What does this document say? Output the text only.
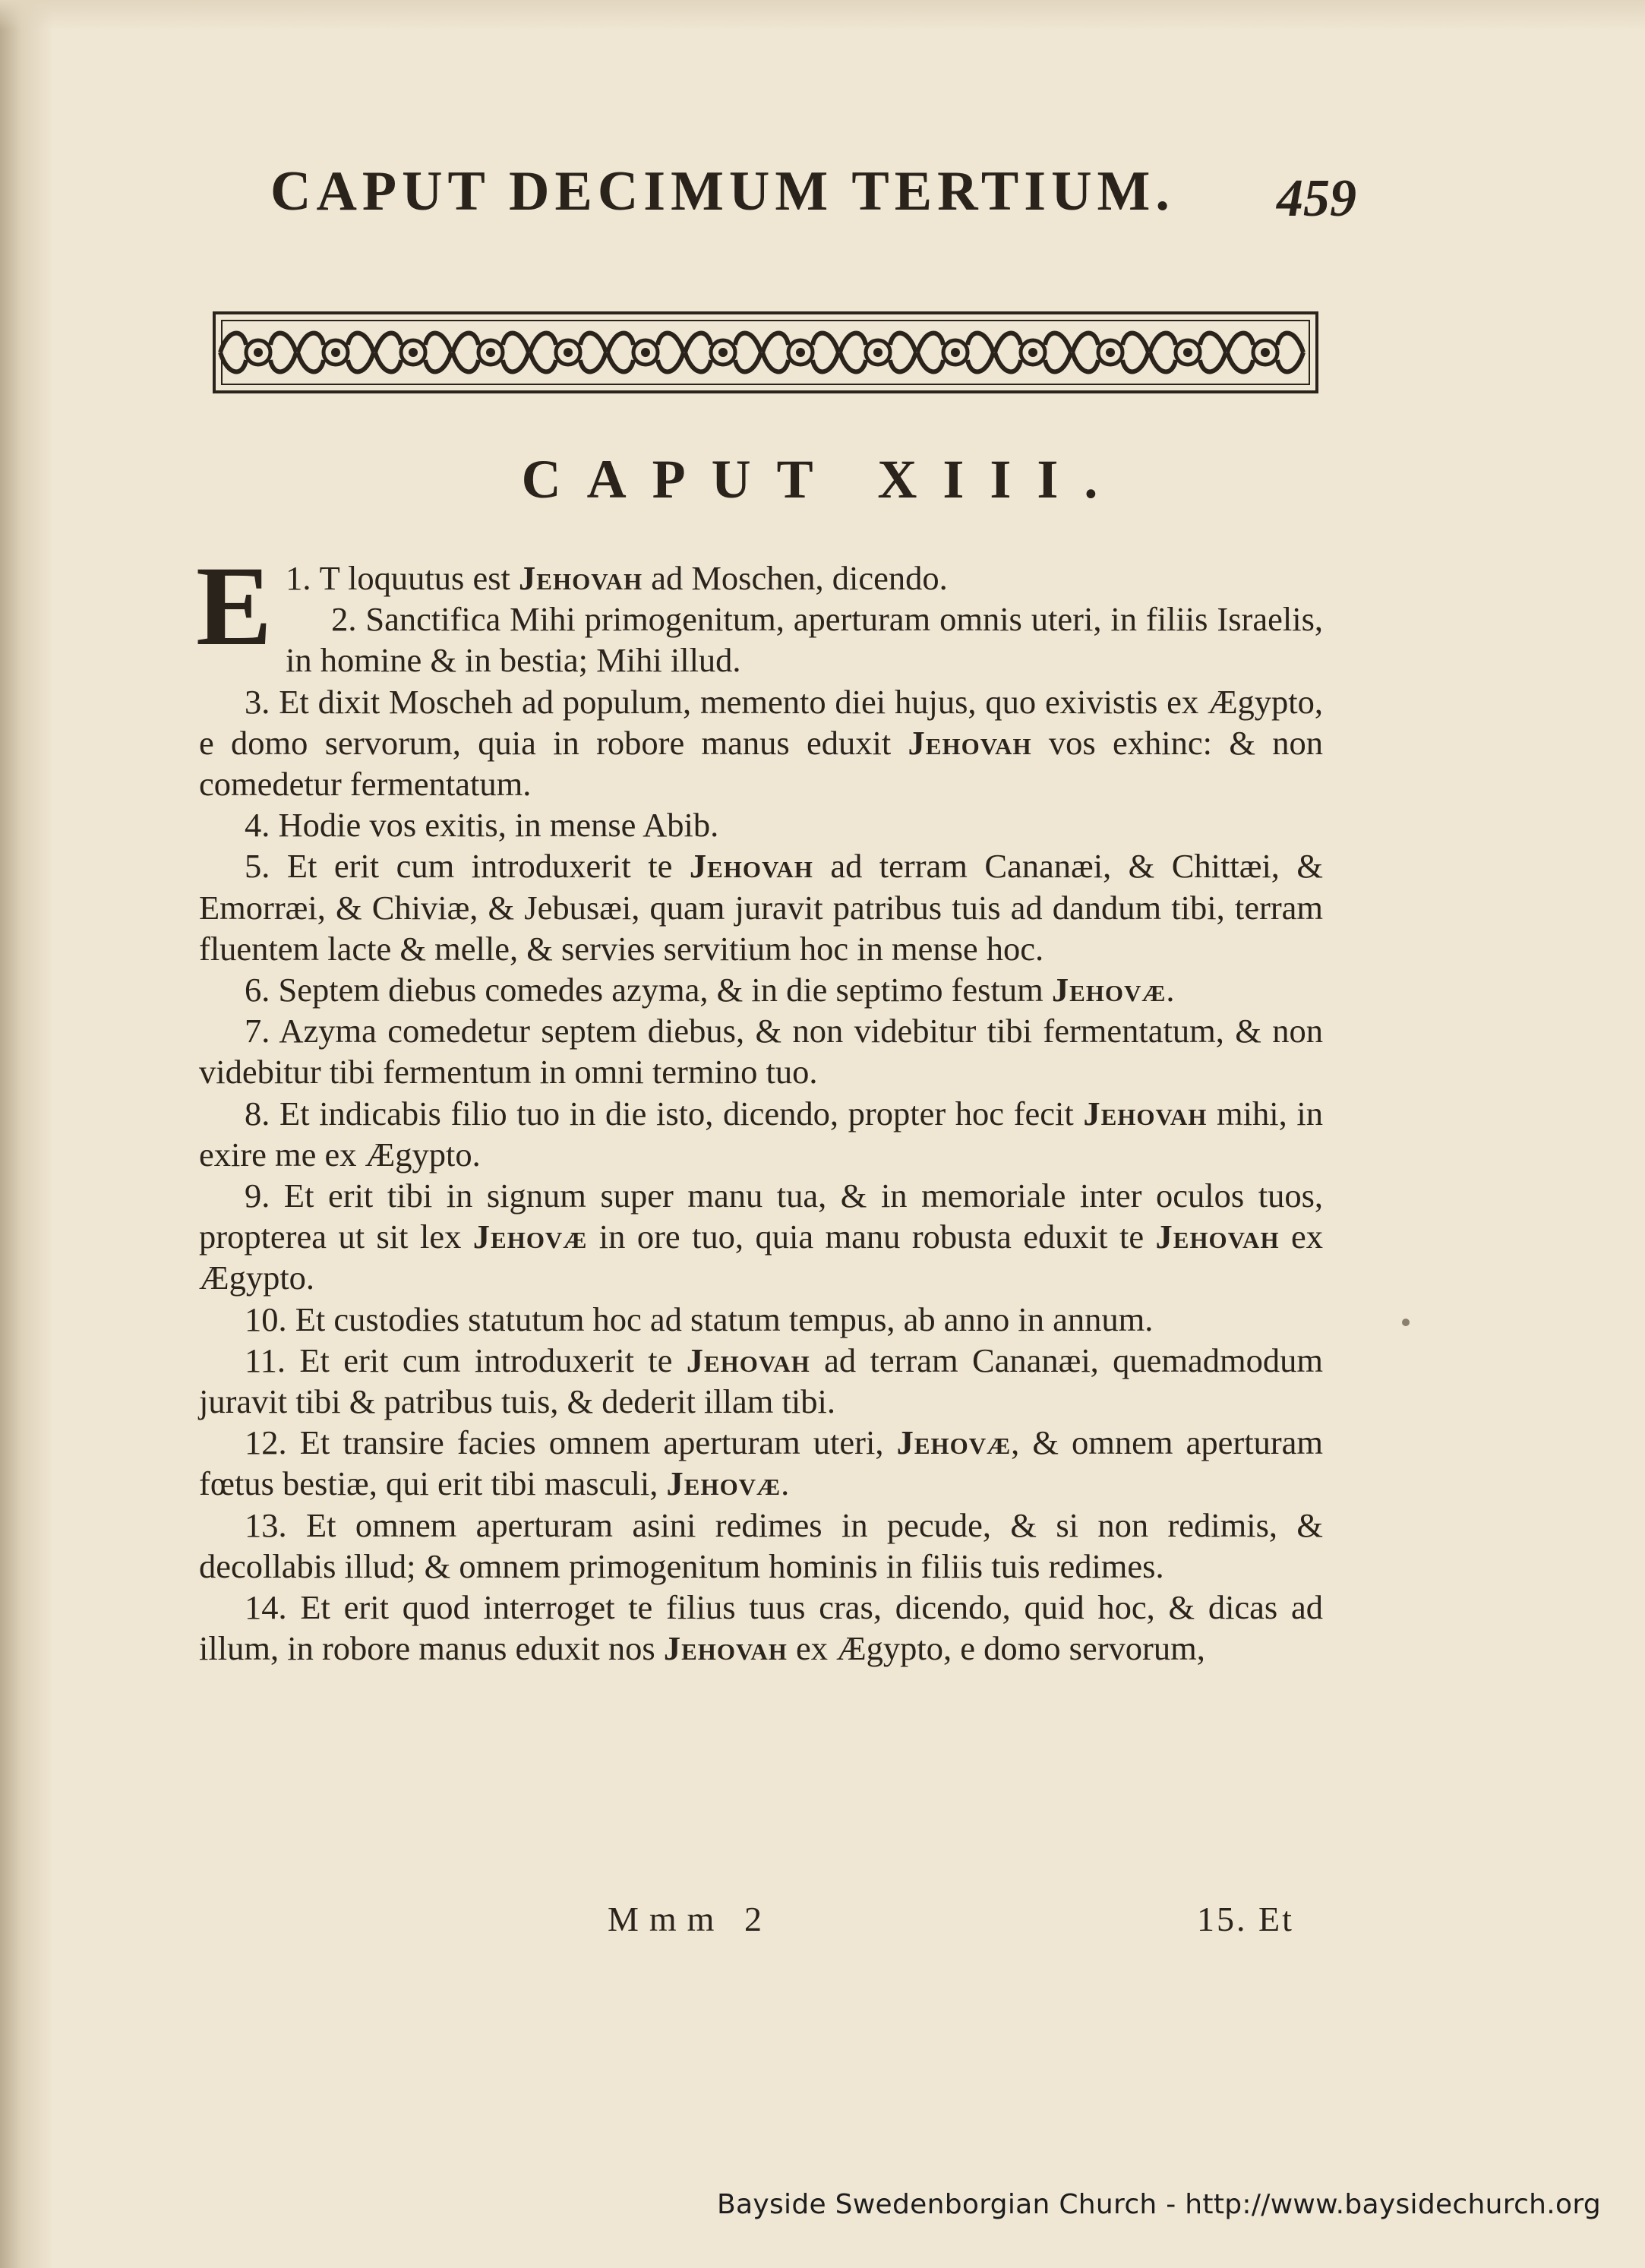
CAPUT DECIMUM TERTIUM. 459
CAPUT XIII.

1.
E T loquutus est Jehovah ad Moschen, dicendo.

2. Sanctifica Mihi primogenitum, aperturam omnis uteri, in filiis Israelis, in homine & in bestia; Mihi illud.

3. Et dixit Moscheh ad populum, memento diei hujus, quo exivistis ex Ægypto, e domo servorum, quia in robore manus eduxit Jehovah vos exhinc: & non comedetur fermentatum.

4. Hodie vos exitis, in mense Abib.

5. Et erit cum introduxerit te Jehovah ad terram Cananæi, & Chittæi, & Emorræi, & Chiviæ, & Jebusæi, quam juravit patribus tuis ad dandum tibi, terram fluentem lacte & melle, & servies servitium hoc in mense hoc.

6. Septem diebus comedes azyma, & in die septimo festum Jehovæ.

7. Azyma comedetur septem diebus, & non videbitur tibi fermentatum, & non videbitur tibi fermentum in omni termino tuo.

8. Et indicabis filio tuo in die isto, dicendo, propter hoc fecit Jehovah mihi, in exire me ex Ægypto.

9. Et erit tibi in signum super manu tua, & in memoriale inter oculos tuos, propterea ut sit lex Jehovæ in ore tuo, quia manu robusta eduxit te Jehovah ex Ægypto.

10. Et custodies statutum hoc ad statum tempus, ab anno in annum.

11. Et erit cum introduxerit te Jehovah ad terram Cananæi, quemadmodum juravit tibi & patribus tuis, & dederit illam tibi.

12. Et transire facies omnem aperturam uteri, Jehovæ, & omnem aperturam fœtus bestiæ, qui erit tibi masculi, Jehovæ.

13. Et omnem aperturam asini redimes in pecude, & si non redimis, & decollabis illud; & omnem primogenitum hominis in filiis tuis redimes.

14. Et erit quod interroget te filius tuus cras, dicendo, quid hoc, & dicas ad illum, in robore manus eduxit nos Jehovah ex Ægypto, e domo servorum,

Mmm 2	15. Et
Bayside Swedenborgian Church - http://www.baysidechurch.org
